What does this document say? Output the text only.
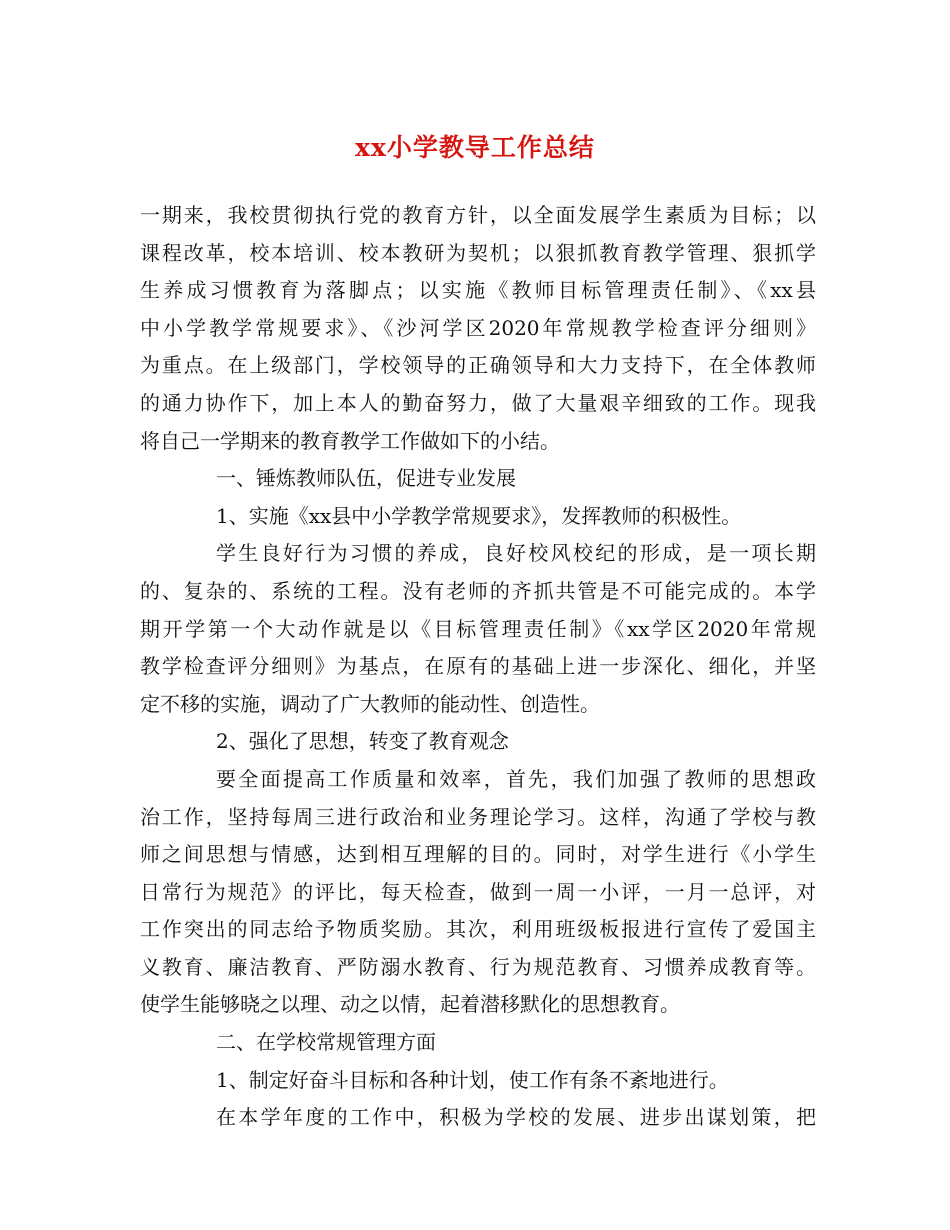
xx小学教导工作总结
一期来，我校贯彻执行党的教育方针，以全面发展学生素质为目标；以
课程改革，校本培训、校本教研为契机；以狠抓教育教学管理、狠抓学
生养成习惯教育为落脚点；以实施《教师目标管理责任制》、《xx县
中小学教学常规要求》、《沙河学区2020年常规教学检查评分细则》
为重点。在上级部门，学校领导的正确领导和大力支持下，在全体教师
的通力协作下，加上本人的勤奋努力，做了大量艰辛细致的工作。现我
将自己一学期来的教育教学工作做如下的小结。
一、锤炼教师队伍，促进专业发展
1、实施《xx县中小学教学常规要求》，发挥教师的积极性。
学生良好行为习惯的养成，良好校风校纪的形成，是一项长期
的、复杂的、系统的工程。没有老师的齐抓共管是不可能完成的。本学
期开学第一个大动作就是以《目标管理责任制》《xx学区2020年常规
教学检查评分细则》为基点，在原有的基础上进一步深化、细化，并坚
定不移的实施，调动了广大教师的能动性、创造性。
2、强化了思想，转变了教育观念
要全面提高工作质量和效率，首先，我们加强了教师的思想政
治工作，坚持每周三进行政治和业务理论学习。这样，沟通了学校与教
师之间思想与情感，达到相互理解的目的。同时，对学生进行《小学生
日常行为规范》的评比，每天检查，做到一周一小评，一月一总评，对
工作突出的同志给予物质奖励。其次，利用班级板报进行宣传了爱国主
义教育、廉洁教育、严防溺水教育、行为规范教育、习惯养成教育等。
使学生能够晓之以理、动之以情，起着潜移默化的思想教育。
二、在学校常规管理方面
1、制定好奋斗目标和各种计划，使工作有条不紊地进行。
在本学年度的工作中，积极为学校的发展、进步出谋划策，把
